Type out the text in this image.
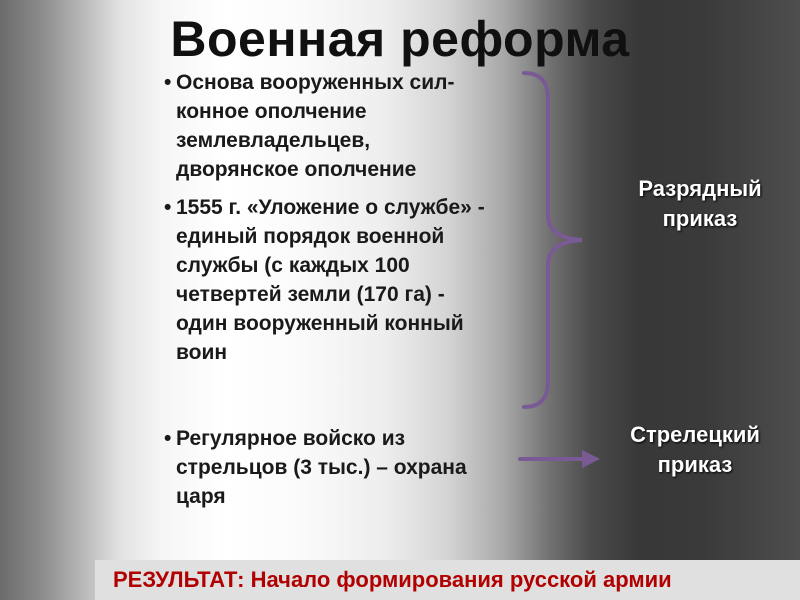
Военная реформа
• Основа вооруженных сил-
конное ополчение
землевладельцев,
дворянское ополчение
• 1555 г. «Уложение о службе» -
единый порядок военной
службы (с каждых 100
четвертей земли (170 га) -
один вооруженный конный
воин
• Регулярное войско из
стрельцов (3 тыс.) – охрана
царя
Разрядный
приказ
Стрелецкий
приказ
РЕЗУЛЬТАТ: Начало формирования русской армии
